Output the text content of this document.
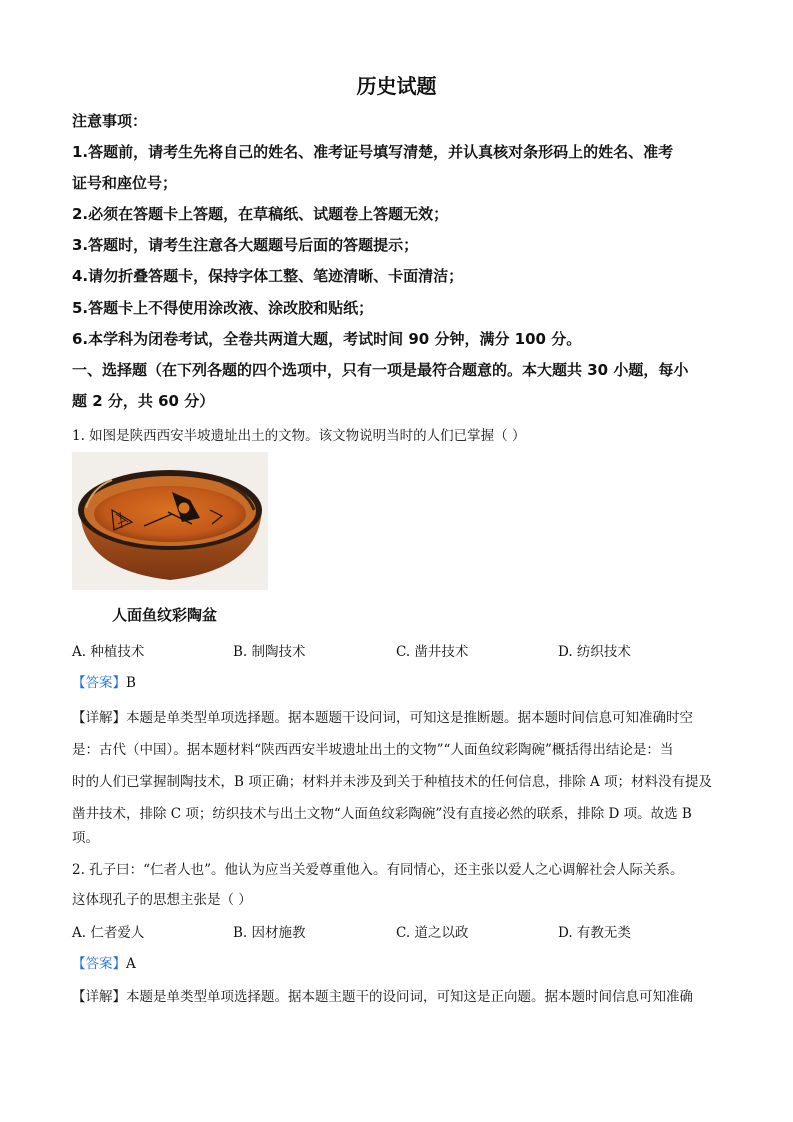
历史试题
注意事项：
1.答题前，请考生先将自己的姓名、准考证号填写清楚，并认真核对条形码上的姓名、准考
证号和座位号；
2.必须在答题卡上答题，在草稿纸、试题卷上答题无效；
3.答题时，请考生注意各大题题号后面的答题提示；
4.请勿折叠答题卡，保持字体工整、笔迹清晰、卡面清洁；
5.答题卡上不得使用涂改液、涂改胶和贴纸；
6.本学科为闭卷考试，全卷共两道大题，考试时间 90 分钟，满分 100 分。
一、选择题（在下列各题的四个选项中，只有一项是最符合题意的。本大题共 30 小题，每小
题 2 分，共 60 分）
1. 如图是陕西西安半坡遗址出土的文物。该文物说明当时的人们已掌握（ ）
人面鱼纹彩陶盆
A. 种植技术	B. 制陶技术	C. 凿井技术	D. 纺织技术
【答案】B
【详解】本题是单类型单项选择题。据本题题干设问词，可知这是推断题。据本题时间信息可知准确时空
是：古代（中国）。据本题材料“陕西西安半坡遗址出土的文物”“人面鱼纹彩陶碗”概括得出结论是：当
时的人们已掌握制陶技术，B 项正确；材料并未涉及到关于种植技术的任何信息，排除 A 项；材料没有提及
凿井技术，排除 C 项；纺织技术与出土文物“人面鱼纹彩陶碗”没有直接必然的联系，排除 D 项。故选 B
项。
2. 孔子曰：“仁者人也”。他认为应当关爱尊重他入。有同情心，还主张以爱人之心调解社会人际关系。
这体现孔子的思想主张是（ ）
A. 仁者爱人	B. 因材施教	C. 道之以政	D. 有教无类
【答案】A
【详解】本题是单类型单项选择题。据本题主题干的设问词，可知这是正向题。据本题时间信息可知准确
